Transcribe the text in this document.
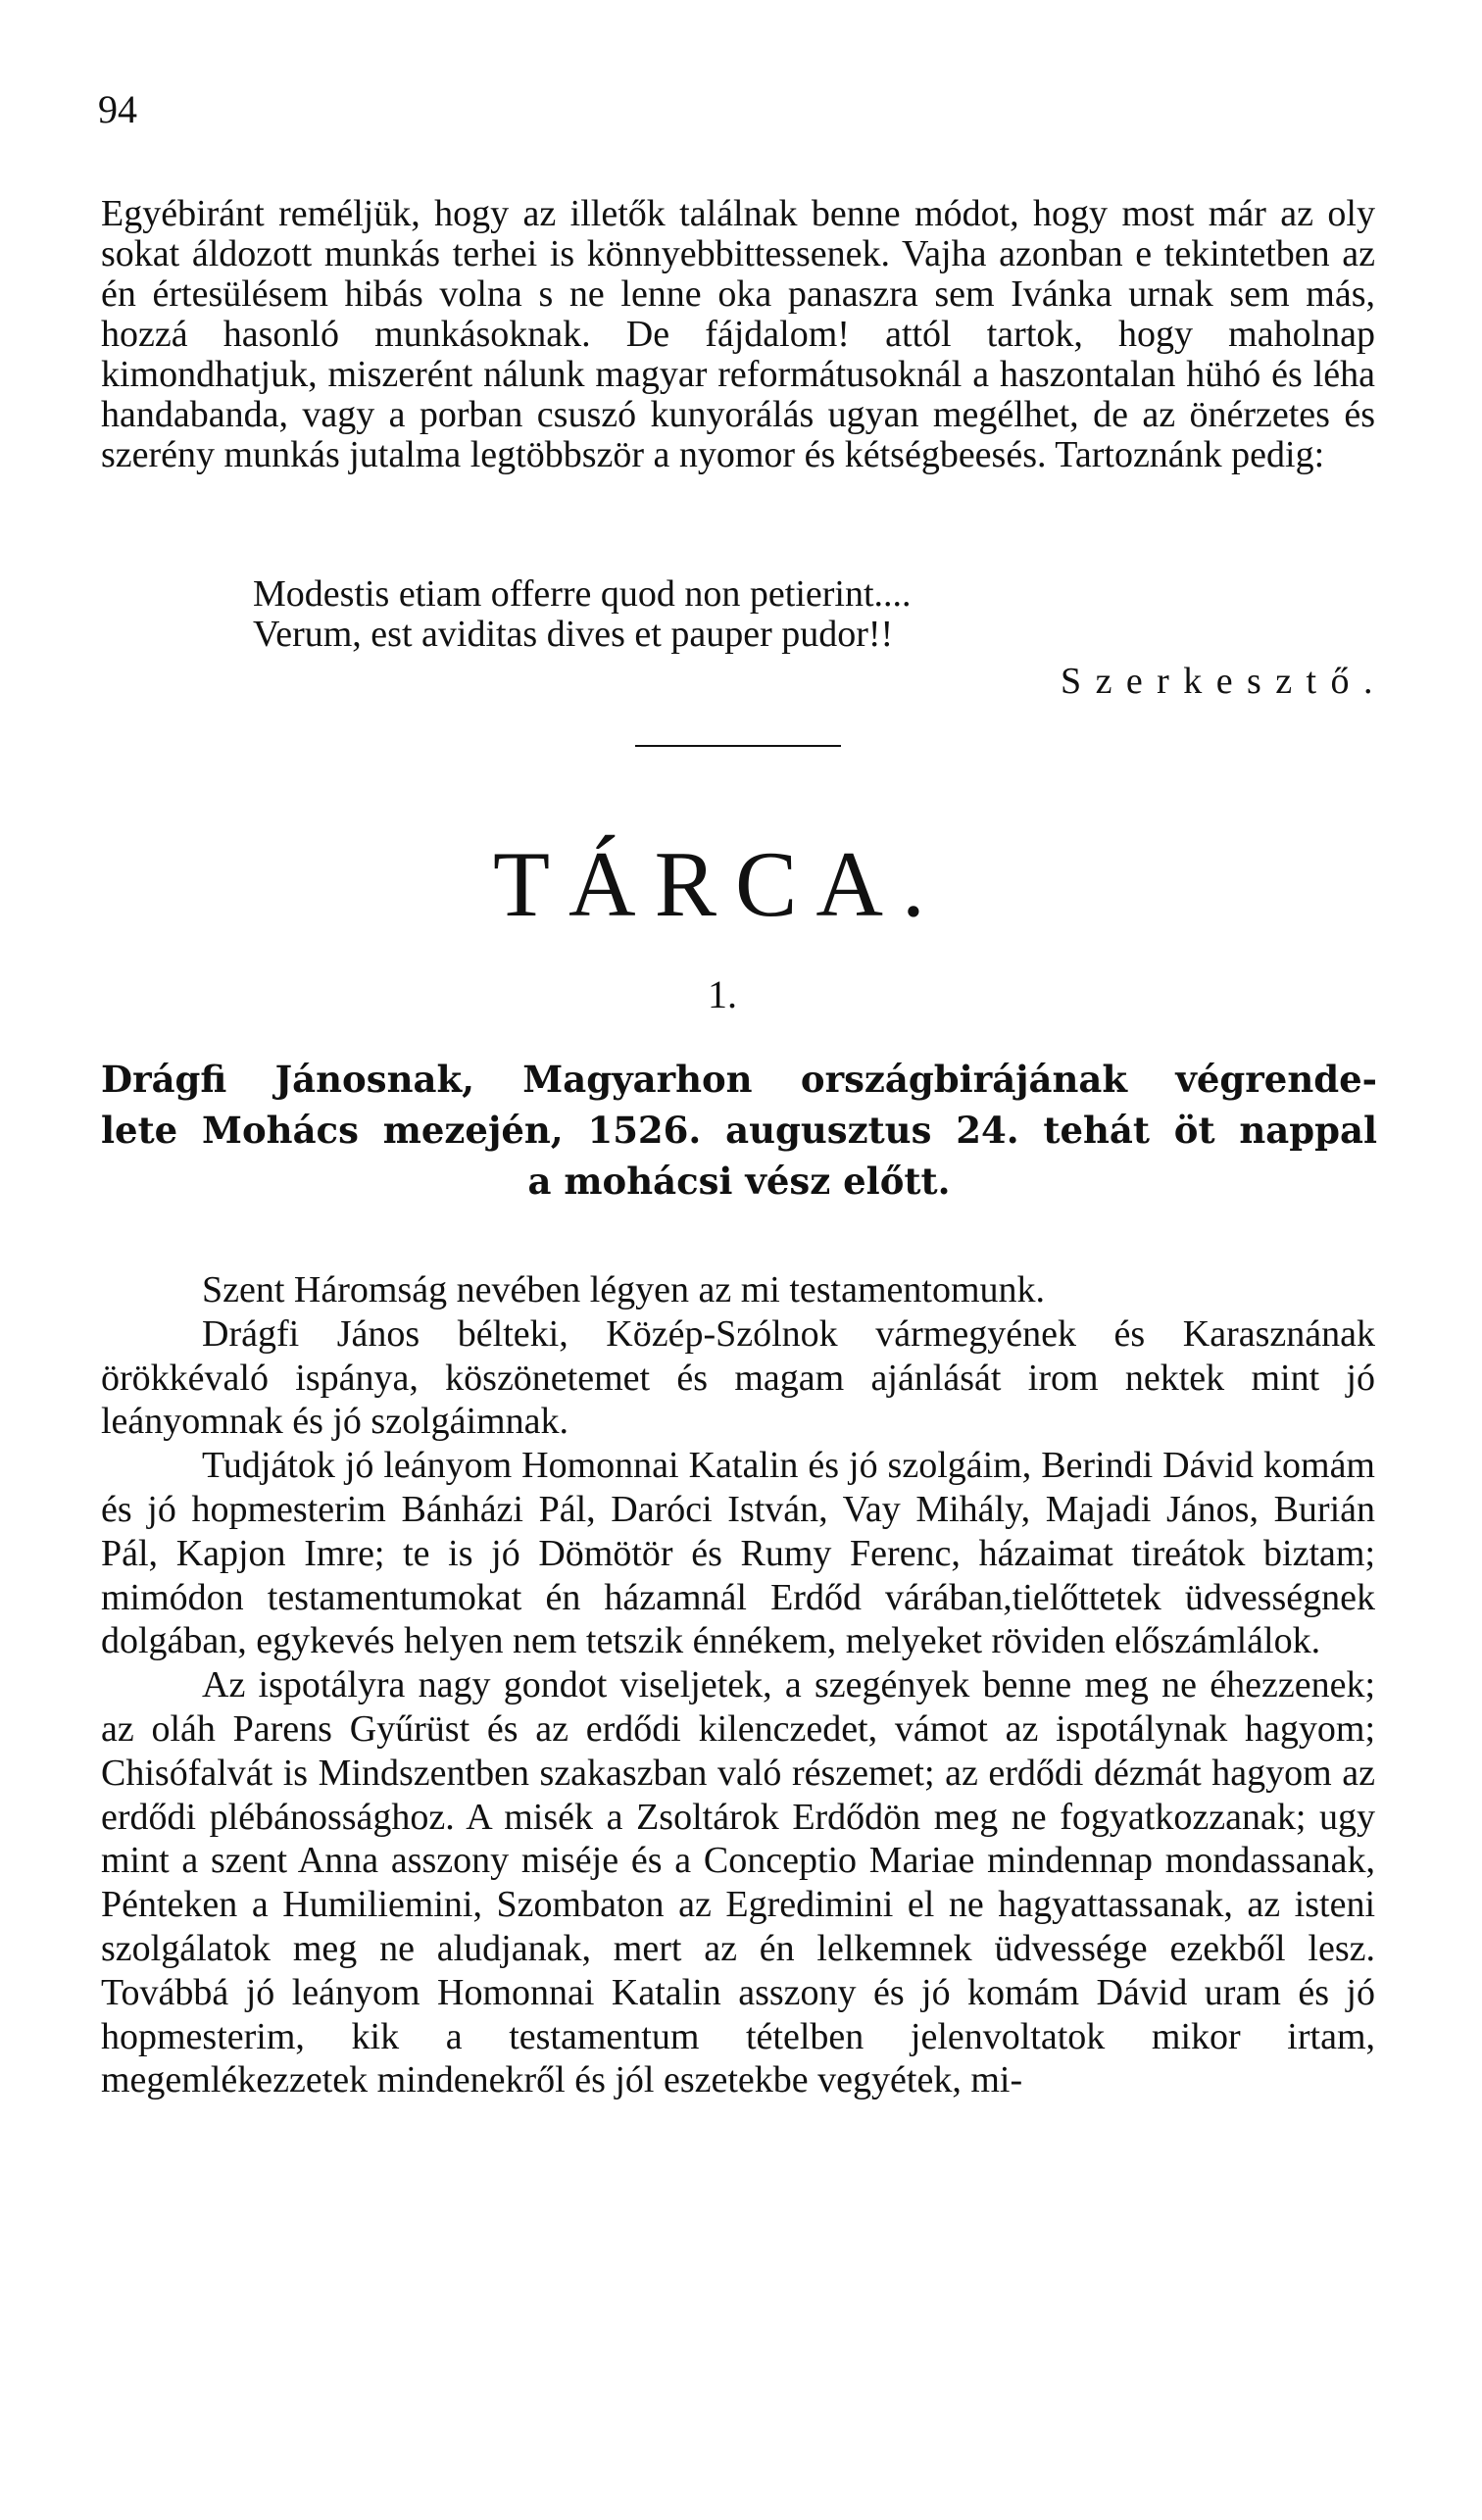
94

Egyébiránt reméljük, hogy az illetők találnak benne módot, hogy most már az oly sokat áldozott munkás terhei is könnyebbittessenek. Vajha azonban e tekintetben az én értesülésem hibás volna s ne lenne oka panaszra sem Ivánka urnak sem más, hozzá hasonló munkásoknak. De fájdalom! attól tartok, hogy maholnap kimondhatjuk, miszerént nálunk magyar reformátusoknál a haszontalan hühó és léha handabanda, vagy a porban csuszó kunyorálás ugyan megélhet, de az önérzetes és szerény munkás jutalma legtöbbször a nyomor és kétségbeesés. Tartoznánk pedig:

Modestis etiam offerre quod non petierint....
Verum, est aviditas dives et pauper pudor!!
Szerkesztő.
TÁRCA.
1.
Drágfi Jánosnak, Magyarhon országbirájának végrende-
lete Mohács mezején, 1526. augusztus 24. tehát öt nappal
a mohácsi vész előtt.

Szent Háromság nevében légyen az mi testamentomunk.

Drágfi János bélteki, Közép-Szólnok vármegyének és Karasznának örökkévaló ispánya, köszönetemet és magam ajánlását irom nektek mint jó leányomnak és jó szolgáimnak.

Tudjátok jó leányom Homonnai Katalin és jó szolgáim, Berindi Dávid komám és jó hopmesterim Bánházi Pál, Daróci István, Vay Mihály, Majadi János, Burián Pál, Kapjon Imre; te is jó Dömötör és Rumy Ferenc, házaimat tireátok biztam; mimódon testamentumokat én házamnál Erdőd várában,tielőttetek üdvességnek dolgában, egykevés helyen nem tetszik énnékem, melyeket röviden előszámlálok.

Az ispotályra nagy gondot viseljetek, a szegények benne meg ne éhezzenek; az oláh Parens Gyűrüst és az erdődi kilenczedet, vámot az ispotálynak hagyom; Chisófalvát is Mindszentben szakaszban való részemet; az erdődi dézmát hagyom az erdődi plébánossághoz. A misék a Zsoltárok Erdődön meg ne fogyatkozzanak; ugy mint a szent Anna asszony miséje és a Conceptio Mariae mindennap mondassanak, Pénteken a Humiliemini, Szombaton az Egredimini el ne hagyattassanak, az isteni szolgálatok meg ne aludjanak, mert az én lelkemnek üdvessége ezekből lesz. Továbbá jó leányom Homonnai Katalin asszony és jó komám Dávid uram és jó hopmesterim, kik a testamentum tételben jelenvoltatok mikor irtam, megemlékezzetek mindenekről és jól eszetekbe vegyétek, mi-
